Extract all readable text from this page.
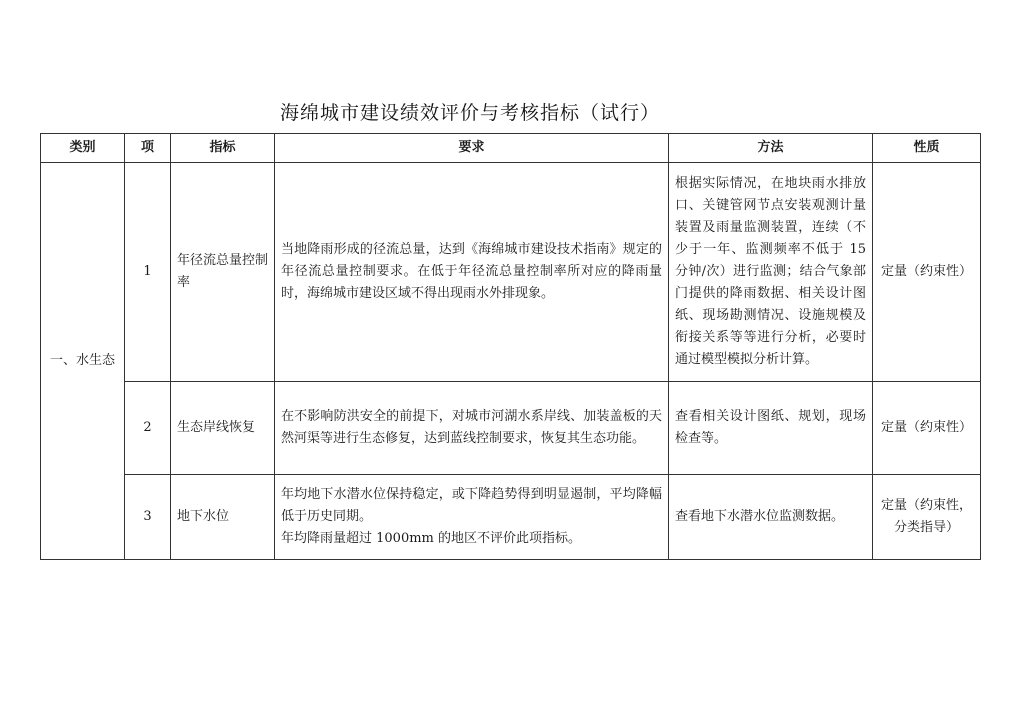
海绵城市建设绩效评价与考核指标（试行）
类别	项	指标	要求	方法	性质
一、水生态	1	年径流总量控制率	当地降雨形成的径流总量，达到《海绵城市建设技术指南》规定的年径流总量控制要求。在低于年径流总量控制率所对应的降雨量时，海绵城市建设区域不得出现雨水外排现象。	根据实际情况，在地块雨水排放口、关键管网节点安装观测计量装置及雨量监测装置，连续（不少于一年、监测频率不低于 15 分钟/次）进行监测；结合气象部门提供的降雨数据、相关设计图纸、现场勘测情况、设施规模及衔接关系等等进行分析，必要时通过模型模拟分析计算。	定量（约束性）

	2	生态岸线恢复	在不影响防洪安全的前提下，对城市河湖水系岸线、加装盖板的天然河渠等进行生态修复，达到蓝线控制要求，恢复其生态功能。	查看相关设计图纸、规划，现场检查等。	定量（约束性）

	3	地下水位	年均地下水潜水位保持稳定，或下降趋势得到明显遏制，平均降幅低于历史同期。
年均降雨量超过 1000mm 的地区不评价此项指标。	查看地下水潜水位监测数据。	定量（约束性，
分类指导）
